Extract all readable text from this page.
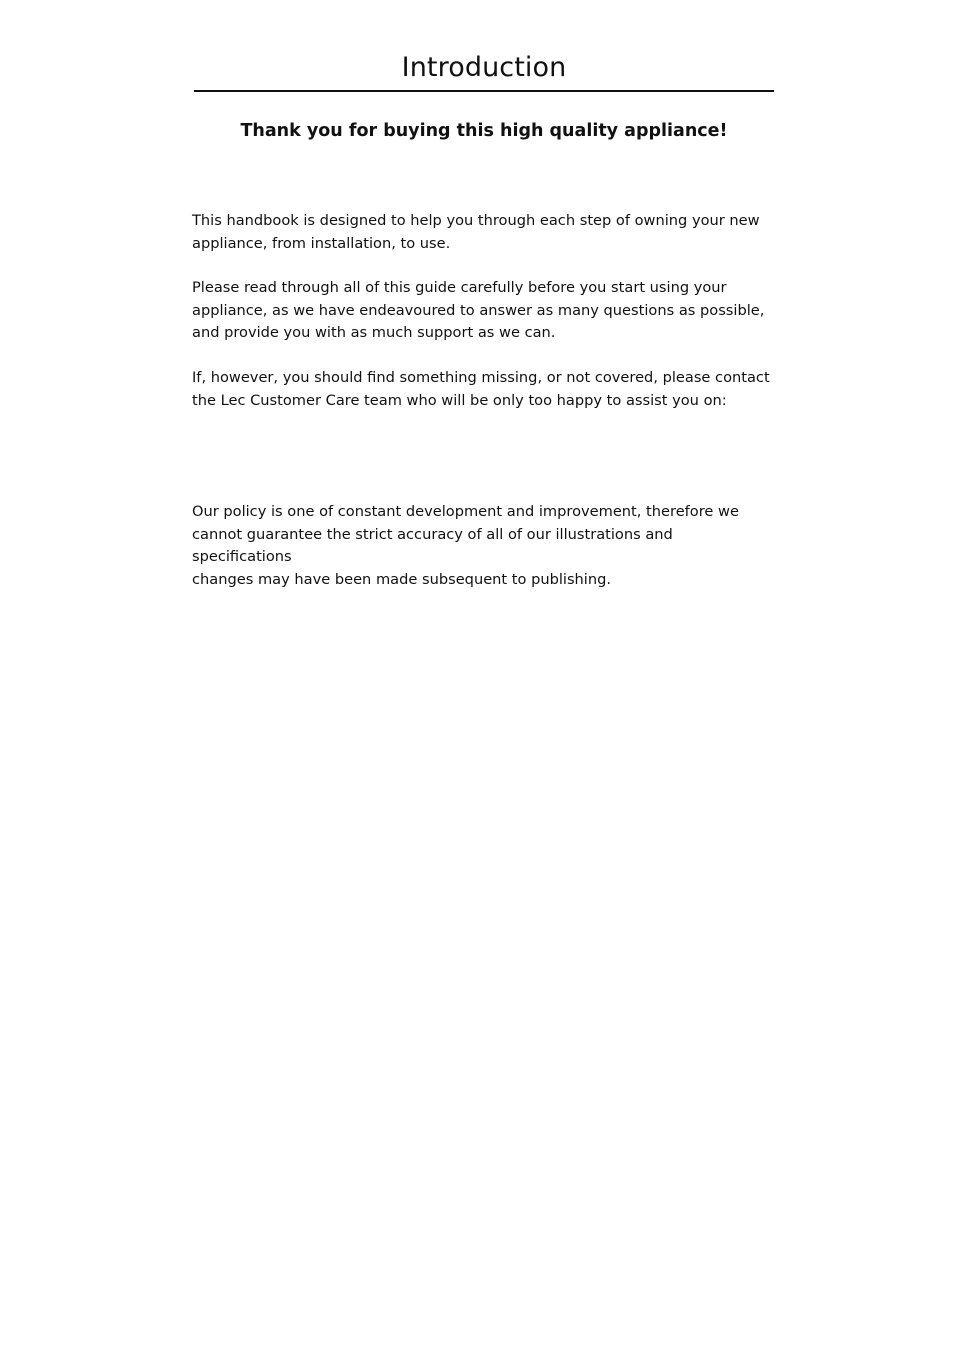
Introduction
Thank you for buying this high quality appliance!

This handbook is designed to help you through each step of owning your new
appliance, from installation, to use.

Please read through all of this guide carefully before you start using your
appliance, as we have endeavoured to answer as many questions as possible,
and provide you with as much support as we can.

If, however, you should find something missing, or not covered, please contact
the Lec Customer Care team who will be only too happy to assist you on:

Our policy is one of constant development and improvement, therefore we
cannot guarantee the strict accuracy of all of our illustrations and specifications
changes may have been made subsequent to publishing.
